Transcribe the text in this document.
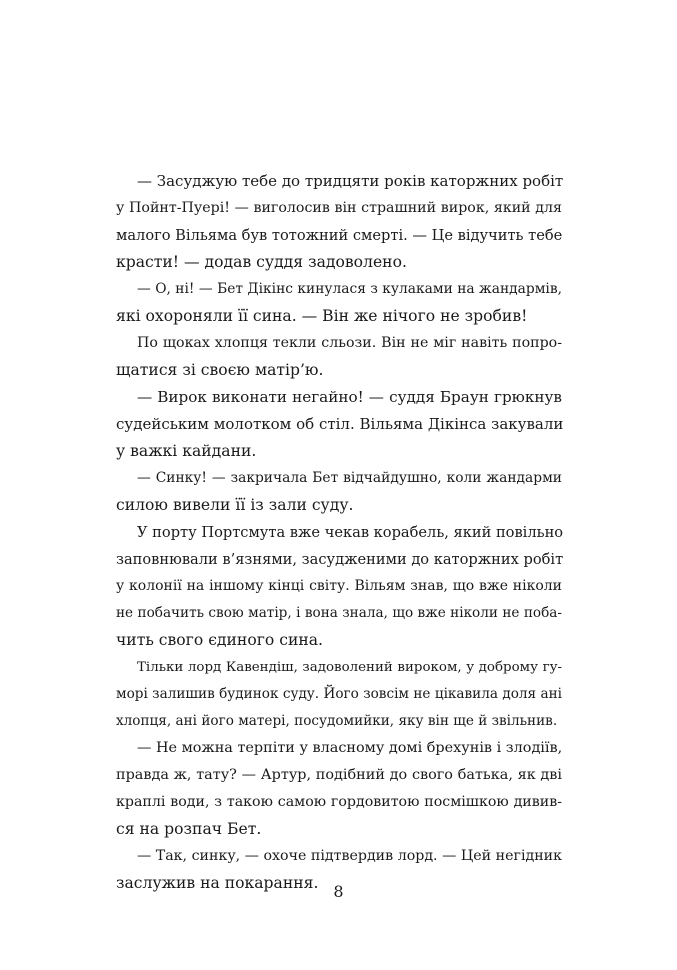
— Засуджую тебе до тридцяти років каторжних робіт
у Пойнт-Пуері! — виголосив він страшний вирок, який для
малого Вільяма був тотожний смерті. — Це відучить тебе
красти! — додав суддя задоволено.
— О, ні! — Бет Дікінс кинулася з кулаками на жандармів,
які охороняли її сина. — Він же нічого не зробив!
По щоках хлопця текли сльози. Він не міг навіть попро-
щатися зі своєю матір’ю.
— Вирок виконати негайно! — суддя Браун грюкнув
судейським молотком об стіл. Вільяма Дікінса закували
у важкі кайдани.
— Синку! — закричала Бет відчайдушно, коли жандарми
силою вивели її із зали суду.
У порту Портсмута вже чекав корабель, який повільно
заповнювали в’язнями, засудженими до каторжних робіт
у колонії на іншому кінці світу. Вільям знав, що вже ніколи
не побачить свою матір, і вона знала, що вже ніколи не поба-
чить свого єдиного сина.
Тільки лорд Кавендіш, задоволений вироком, у доброму гу-
морі залишив будинок суду. Його зовсім не цікавила доля ані
хлопця, ані його матері, посудомийки, яку він ще й звільнив.
— Не можна терпіти у власному домі брехунів і злодіїв,
правда ж, тату? — Артур, подібний до свого батька, як дві
краплі води, з такою самою гордовитою посмішкою дивив-
ся на розпач Бет.
— Так, синку, — охоче підтвердив лорд. — Цей негідник
заслужив на покарання. 8
